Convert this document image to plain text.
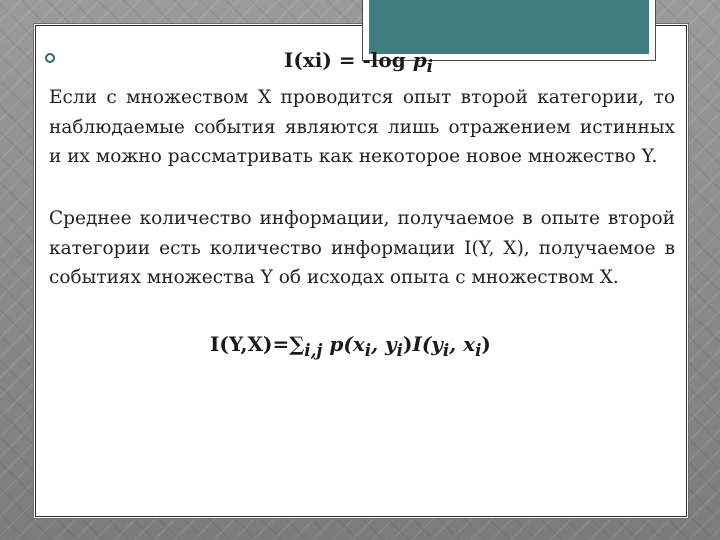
I(xi) = -log $p_i$

Если с множеством X проводится опыт второй категории, то наблюдаемые события являются лишь отражением истинных и их можно рассматривать как некоторое новое множество Y.

Среднее количество информации, получаемое в опыте второй категории есть количество информации I(Y, X), получаемое в событиях множества Y об исходах опыта с множеством X.

$I(Y,X)=\sum_{i,j}$ $p(x_i$, $y_i)I(y_i$, $x_i$)
